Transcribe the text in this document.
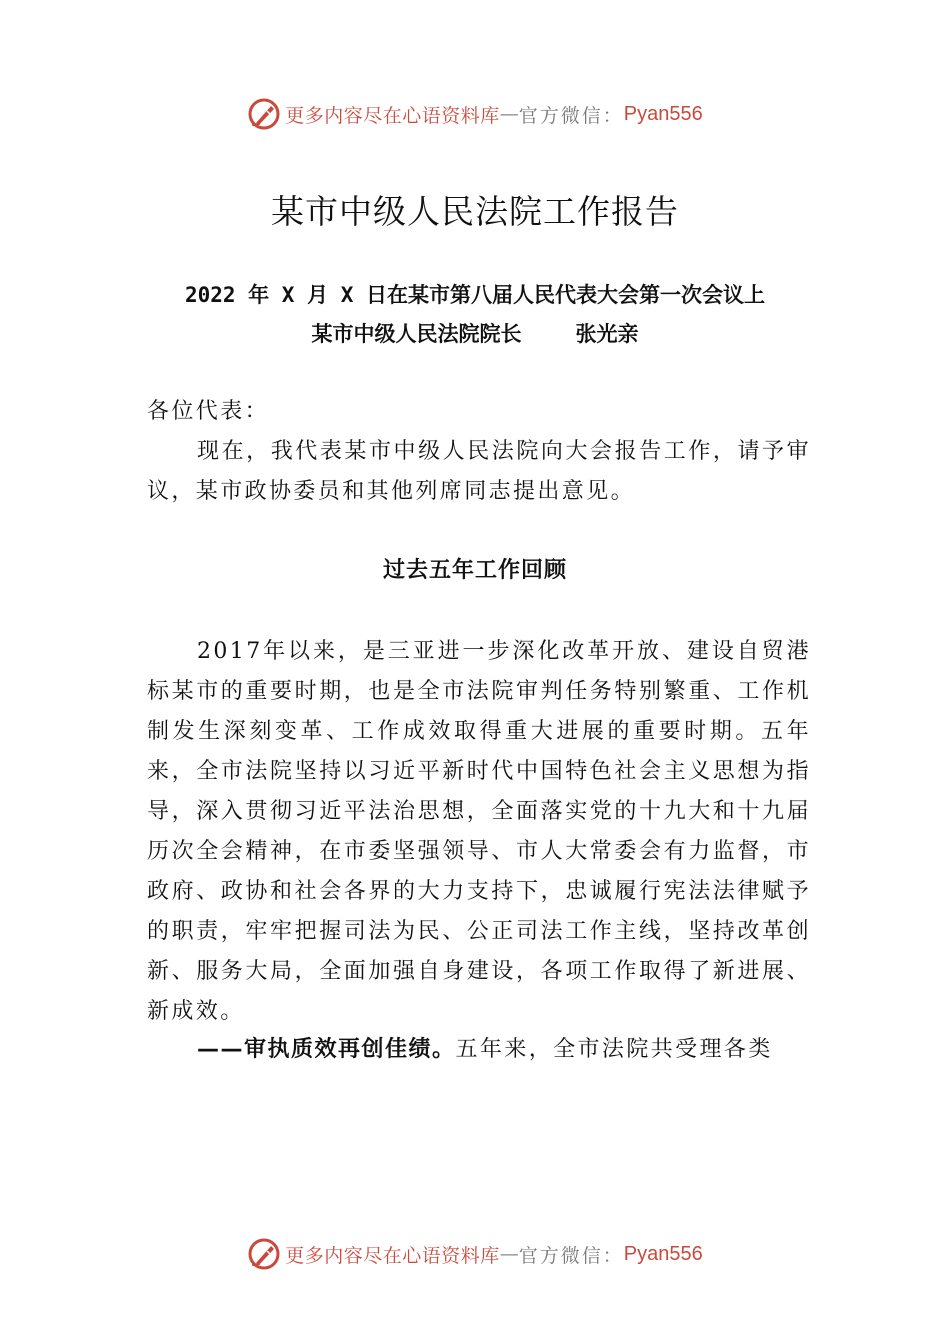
更多内容尽在心语资料库 — 官方微信： Pyan556
某市中级人民法院工作报告
2022 年 X 月 X 日在某市第八届人民代表大会第一次会议上
某市中级人民法院院长	张光亲

各位代表：

现在，我代表某市中级人民法院向大会报告工作，请予审议，某市政协委员和其他列席同志提出意见。

过去五年工作回顾

2017年以来，是三亚进一步深化改革开放、建设自贸港标某市的重要时期，也是全市法院审判任务特别繁重、工作机制发生深刻变革、工作成效取得重大进展的重要时期。五年来，全市法院坚持以习近平新时代中国特色社会主义思想为指导，深入贯彻习近平法治思想，全面落实党的十九大和十九届历次全会精神，在市委坚强领导、市人大常委会有力监督，市政府、政协和社会各界的大力支持下，忠诚履行宪法法律赋予的职责，牢牢把握司法为民、公正司法工作主线，坚持改革创新、服务大局，全面加强自身建设，各项工作取得了新进展、新成效。

——审执质效再创佳绩。五年来，全市法院共受理各类

更多内容尽在心语资料库 — 官方微信： Pyan556
